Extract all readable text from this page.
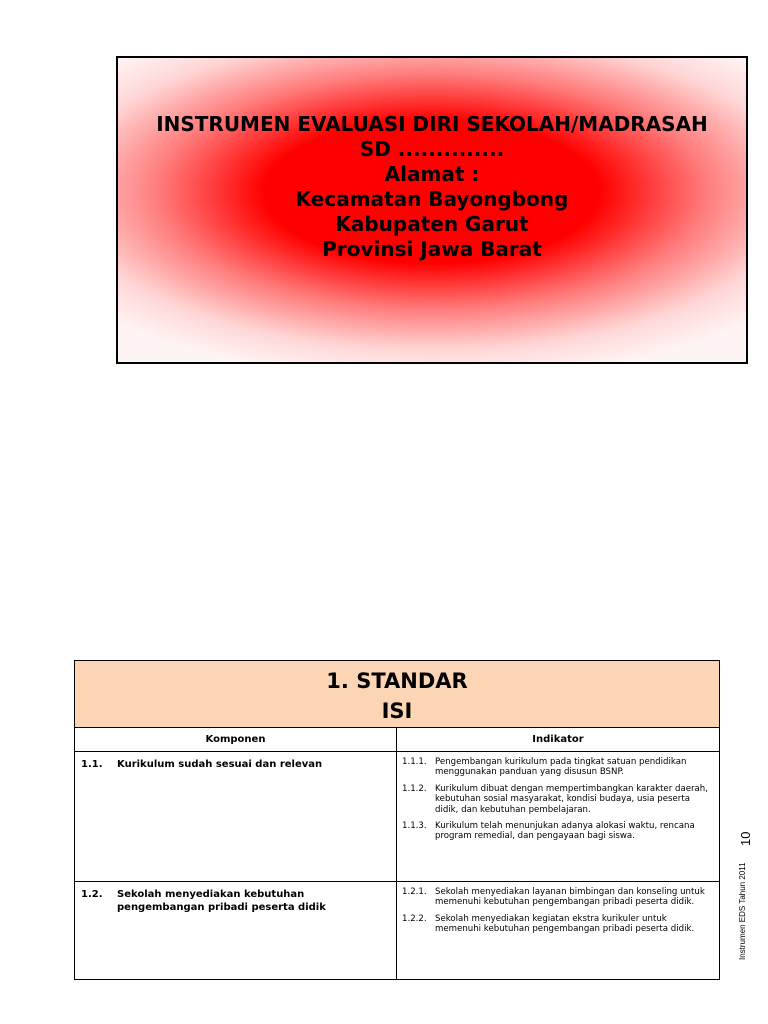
INSTRUMEN EVALUASI DIRI SEKOLAH/MADRASAH
SD ..............
Alamat :
Kecamatan Bayongbong
Kabupaten Garut
Provinsi Jawa Barat
1. STANDAR
ISI
Komponen	Indikator
1.1.	Kurikulum sudah sesuai dan relevan	1.1.1. Pengembangan kurikulum pada tingkat satuan pendidikan menggunakan panduan yang disusun BSNP.
1.1.2. Kurikulum dibuat dengan mempertimbangkan karakter daerah, kebutuhan sosial masyarakat, kondisi budaya, usia peserta didik, dan kebutuhan pembelajaran.
1.1.3. Kurikulum telah menunjukan adanya alokasi waktu, rencana program remedial, dan pengayaan bagi siswa.
1.2.	Sekolah menyediakan kebutuhan pengembangan pribadi peserta didik
1.2.1. Sekolah menyediakan layanan bimbingan dan konseling untuk memenuhi kebutuhan pengembangan pribadi peserta didik.
1.2.2. Sekolah menyediakan kegiatan ekstra kurikuler untuk memenuhi kebutuhan pengembangan pribadi peserta didik.	Instrumen EDS Tahun 2011
10
